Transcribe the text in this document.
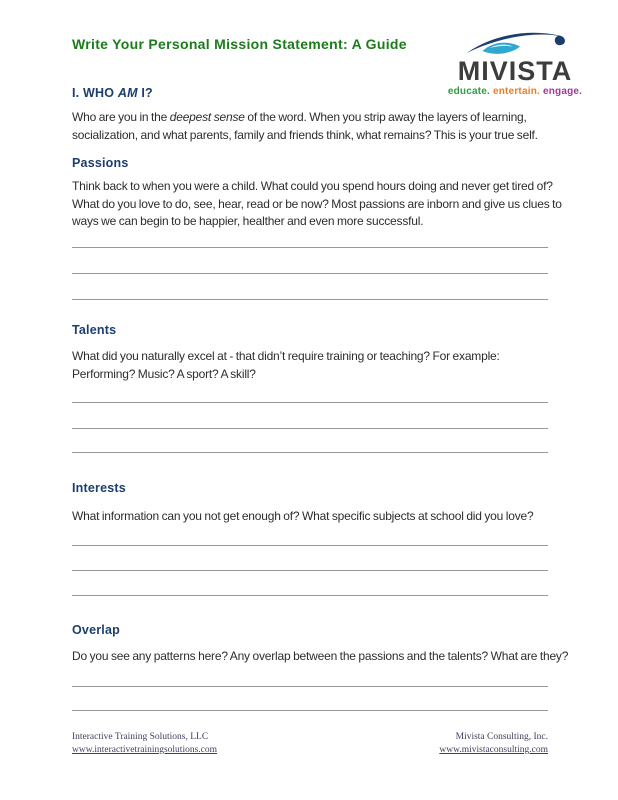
Write Your Personal Mission Statement: A Guide
MIVISTA
educate. entertain. engage.
I. WHO AM I?
Who are you in the deepest sense of the word. When you strip away the layers of learning,
socialization, and what parents, family and friends think, what remains? This is your true self.
Passions
Think back to when you were a child. What could you spend hours doing and never get tired of?
What do you love to do, see, hear, read or be now? Most passions are inborn and give us clues to
ways we can begin to be happier, healther and even more successful.
Talents
What did you naturally excel at - that didn’t require training or teaching? For example:
Performing? Music? A sport? A skill?
Interests
What information can you not get enough of? What specific subjects at school did you love?
Overlap
Do you see any patterns here? Any overlap between the passions and the talents? What are they?
Interactive Training Solutions, LLC
www.interactivetrainingsolutions.com
Mivista Consulting, Inc.
www.mivistaconsulting.com
